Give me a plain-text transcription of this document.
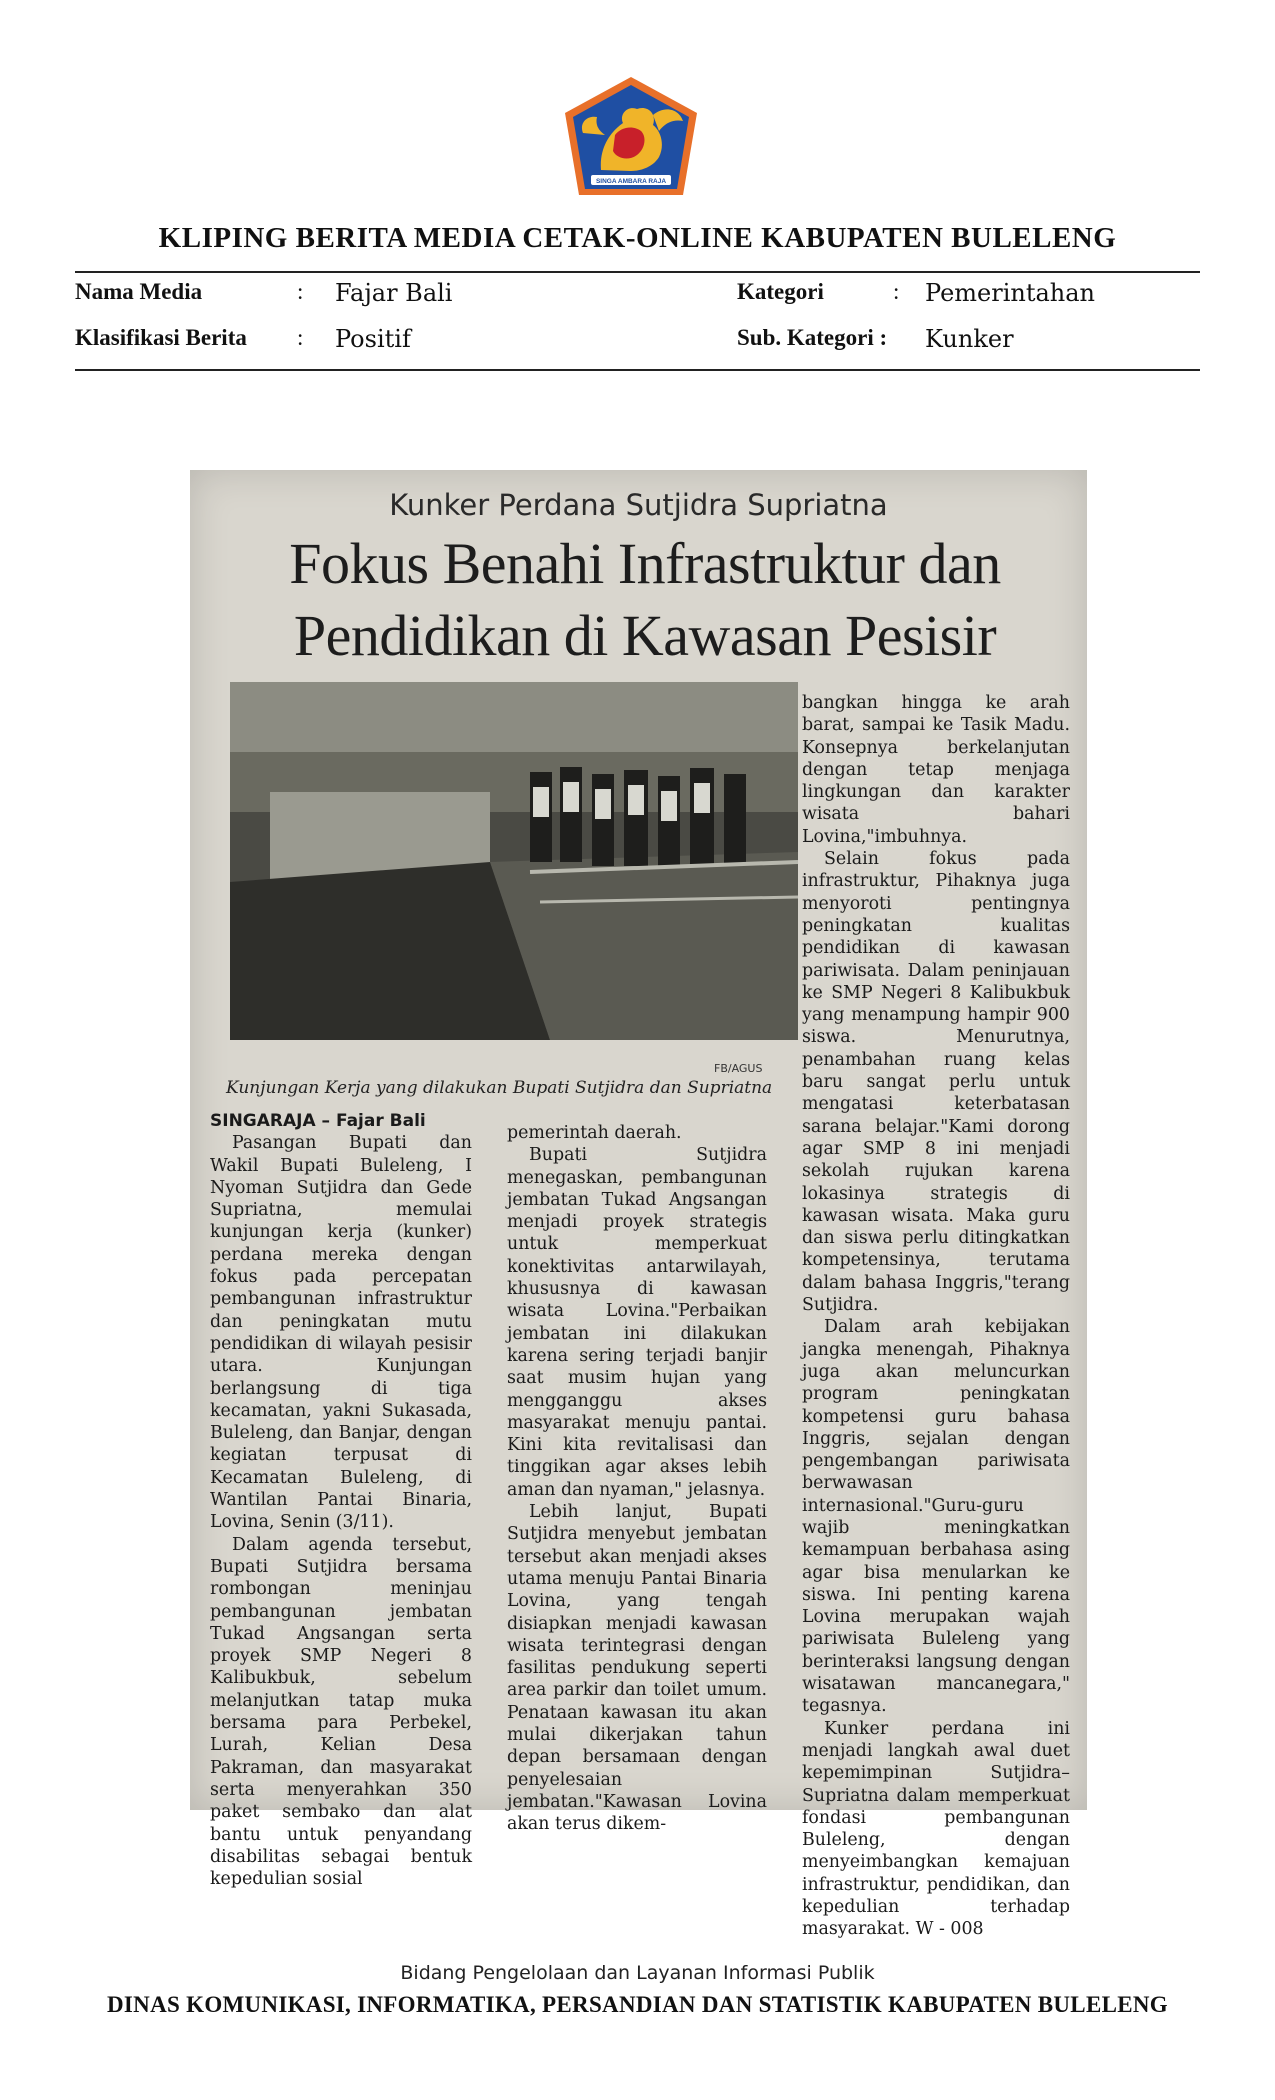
SINGA AMBARA RAJA
KLIPING BERITA MEDIA CETAK-ONLINE KABUPATEN BULELENG
Nama Media	: Fajar Bali	Kategori	: Pemerintahan
Klasifikasi Berita : Positif	Sub. Kategori : Kunker
Kunker Perdana Sutjidra Supriatna
Fokus Benahi Infrastruktur dan
Pendidikan di Kawasan Pesisir
FB/AGUS
Kunjungan Kerja yang dilakukan Bupati Sutjidra dan Supriatna

SINGARAJA – Fajar Bali

Pasangan Bupati dan Wakil Bupati Buleleng, I Nyoman Sutjidra dan Gede Supriatna, memulai kunjungan kerja (kunker) perdana mereka dengan fokus pada percepatan pembangunan infrastruktur dan peningkatan mutu pendidikan di wilayah pesisir utara. Kunjungan berlangsung di tiga kecamatan, yakni Sukasada, Buleleng, dan Banjar, dengan kegiatan terpusat di Kecamatan Buleleng, di Wantilan Pantai Binaria, Lovina, Senin (3/11).

Dalam agenda tersebut, Bupati Sutjidra bersama rombongan meninjau pembangunan jembatan Tukad Angsangan serta proyek SMP Negeri 8 Kalibukbuk, sebelum melanjutkan tatap muka bersama para Perbekel, Lurah, Kelian Desa Pakraman, dan masyarakat serta menyerahkan 350 paket sembako dan alat bantu untuk penyandang disabilitas sebagai bentuk kepedulian sosial

pemerintah daerah.

Bupati Sutjidra menegaskan, pembangunan jembatan Tukad Angsangan menjadi proyek strategis untuk memperkuat konektivitas antarwilayah, khususnya di kawasan wisata Lovina."Perbaikan jembatan ini dilakukan karena sering terjadi banjir saat musim hujan yang mengganggu akses masyarakat menuju pantai. Kini kita revitalisasi dan tinggikan agar akses lebih aman dan nyaman," jelasnya.

Lebih lanjut, Bupati Sutjidra menyebut jembatan tersebut akan menjadi akses utama menuju Pantai Binaria Lovina, yang tengah disiapkan menjadi kawasan wisata terintegrasi dengan fasilitas pendukung seperti area parkir dan toilet umum. Penataan kawasan itu akan mulai dikerjakan tahun depan bersamaan dengan penyelesaian jembatan."Kawasan Lovina akan terus dikem-

bangkan hingga ke arah barat, sampai ke Tasik Madu. Konsepnya berkelanjutan dengan tetap menjaga lingkungan dan karakter wisata bahari Lovina,"imbuhnya.

Selain fokus pada infrastruktur, Pihaknya juga menyoroti pentingnya peningkatan kualitas pendidikan di kawasan pariwisata. Dalam peninjauan ke SMP Negeri 8 Kalibukbuk yang menampung hampir 900 siswa. Menurutnya, penambahan ruang kelas baru sangat perlu untuk mengatasi keterbatasan sarana belajar."Kami dorong agar SMP 8 ini menjadi sekolah rujukan karena lokasinya strategis di kawasan wisata. Maka guru dan siswa perlu ditingkatkan kompetensinya, terutama dalam bahasa Inggris,"terang Sutjidra.

Dalam arah kebijakan jangka menengah, Pihaknya juga akan meluncurkan program peningkatan kompetensi guru bahasa Inggris, sejalan dengan pengembangan pariwisata berwawasan internasional."Guru-guru wajib meningkatkan kemampuan berbahasa asing agar bisa menularkan ke siswa. Ini penting karena Lovina merupakan wajah pariwisata Buleleng yang berinteraksi langsung dengan wisatawan mancanegara," tegasnya.

Kunker perdana ini menjadi langkah awal duet kepemimpinan Sutjidra–Supriatna dalam memperkuat fondasi pembangunan Buleleng, dengan menyeimbangkan kemajuan infrastruktur, pendidikan, dan kepedulian terhadap masyarakat. W - 008

Bidang Pengelolaan dan Layanan Informasi Publik
DINAS KOMUNIKASI, INFORMATIKA, PERSANDIAN DAN STATISTIK KABUPATEN BULELENG
